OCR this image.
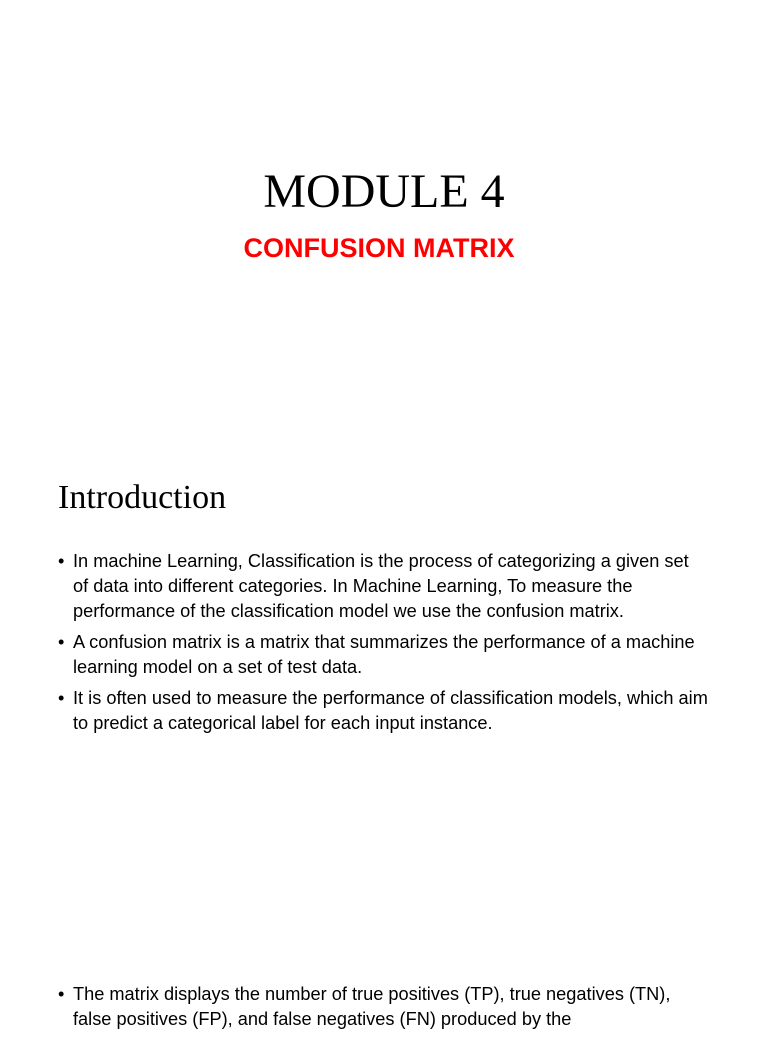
MODULE 4
CONFUSION MATRIX
Introduction
• In machine Learning, Classification is the process of categorizing a given set of data into different categories. In Machine Learning, To measure the performance of the classification model we use the confusion matrix.
• A confusion matrix is a matrix that summarizes the performance of a machine learning model on a set of test data.
• It is often used to measure the performance of classification models, which aim to predict a categorical label for each input instance.
• The matrix displays the number of true positives (TP), true negatives (TN), false positives (FP), and false negatives (FN) produced by the
